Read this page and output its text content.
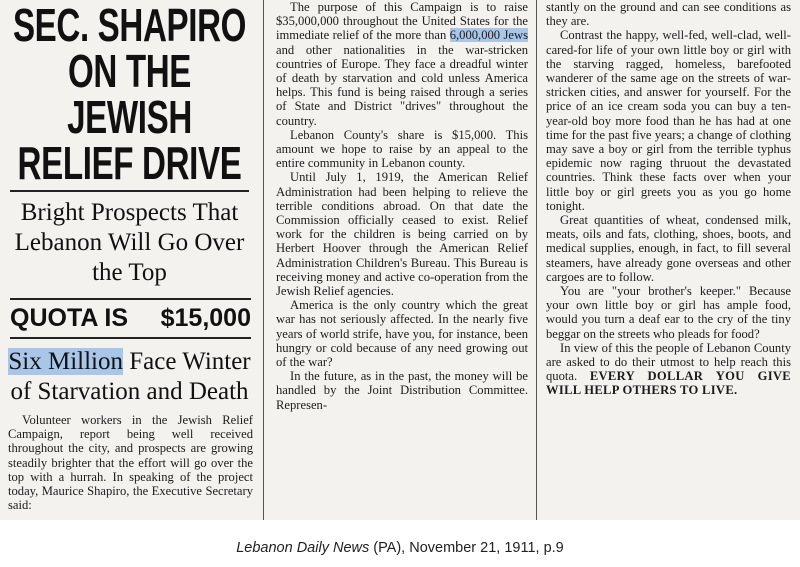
SEC. SHAPIRO ON THE JEWISH RELIEF DRIVE
Bright Prospects That Lebanon Will Go Over the Top
QUOTA IS $15,000
Six Million Face Winter of Starvation and Death

Volunteer workers in the Jewish Relief Campaign, report being well received throughout the city, and prospects are growing steadily brighter that the effort will go over the top with a hurrah. In speaking of the project today, Maurice Shapiro, the Executive Secretary said:

The purpose of this Campaign is to raise $35,000,000 throughout the United States for the immediate relief of the more than 6,000,000 Jews and other nationalities in the war-stricken countries of Europe. They face a dreadful winter of death by starvation and cold unless America helps. This fund is being raised through a series of State and District "drives" throughout the country.

Lebanon County's share is $15,000. This amount we hope to raise by an appeal to the entire community in Lebanon county.

Until July 1, 1919, the American Relief Administration had been helping to relieve the terrible conditions abroad. On that date the Commission officially ceased to exist. Relief work for the children is being carried on by Herbert Hoover through the American Relief Administration Children's Bureau. This Bureau is receiving money and active co-operation from the Jewish Relief agencies.

America is the only country which the great war has not seriously affected. In the nearly five years of world strife, have you, for instance, been hungry or cold because of any need growing out of the war?

In the future, as in the past, the money will be handled by the Joint Distribution Committee. Represen-

stantly on the ground and can see conditions as they are.

Contrast the happy, well-fed, well-clad, well-cared-for life of your own little boy or girl with the starving ragged, homeless, barefooted wanderer of the same age on the streets of war-stricken cities, and answer for yourself. For the price of an ice cream soda you can buy a ten-year-old boy more food than he has had at one time for the past five years; a change of clothing may save a boy or girl from the terrible typhus epidemic now raging thruout the devastated countries. Think these facts over when your little boy or girl greets you as you go home tonight.

Great quantities of wheat, condensed milk, meats, oils and fats, clothing, shoes, boots, and medical supplies, enough, in fact, to fill several steamers, have already gone overseas and other cargoes are to follow.

You are "your brother's keeper." Because your own little boy or girl has ample food, would you turn a deaf ear to the cry of the tiny beggar on the streets who pleads for food?

In view of this the people of Lebanon County are asked to do their utmost to help reach this quota. EVERY DOLLAR YOU GIVE WILL HELP OTHERS TO LIVE.

Lebanon Daily News (PA), November 21, 1911, p.9
